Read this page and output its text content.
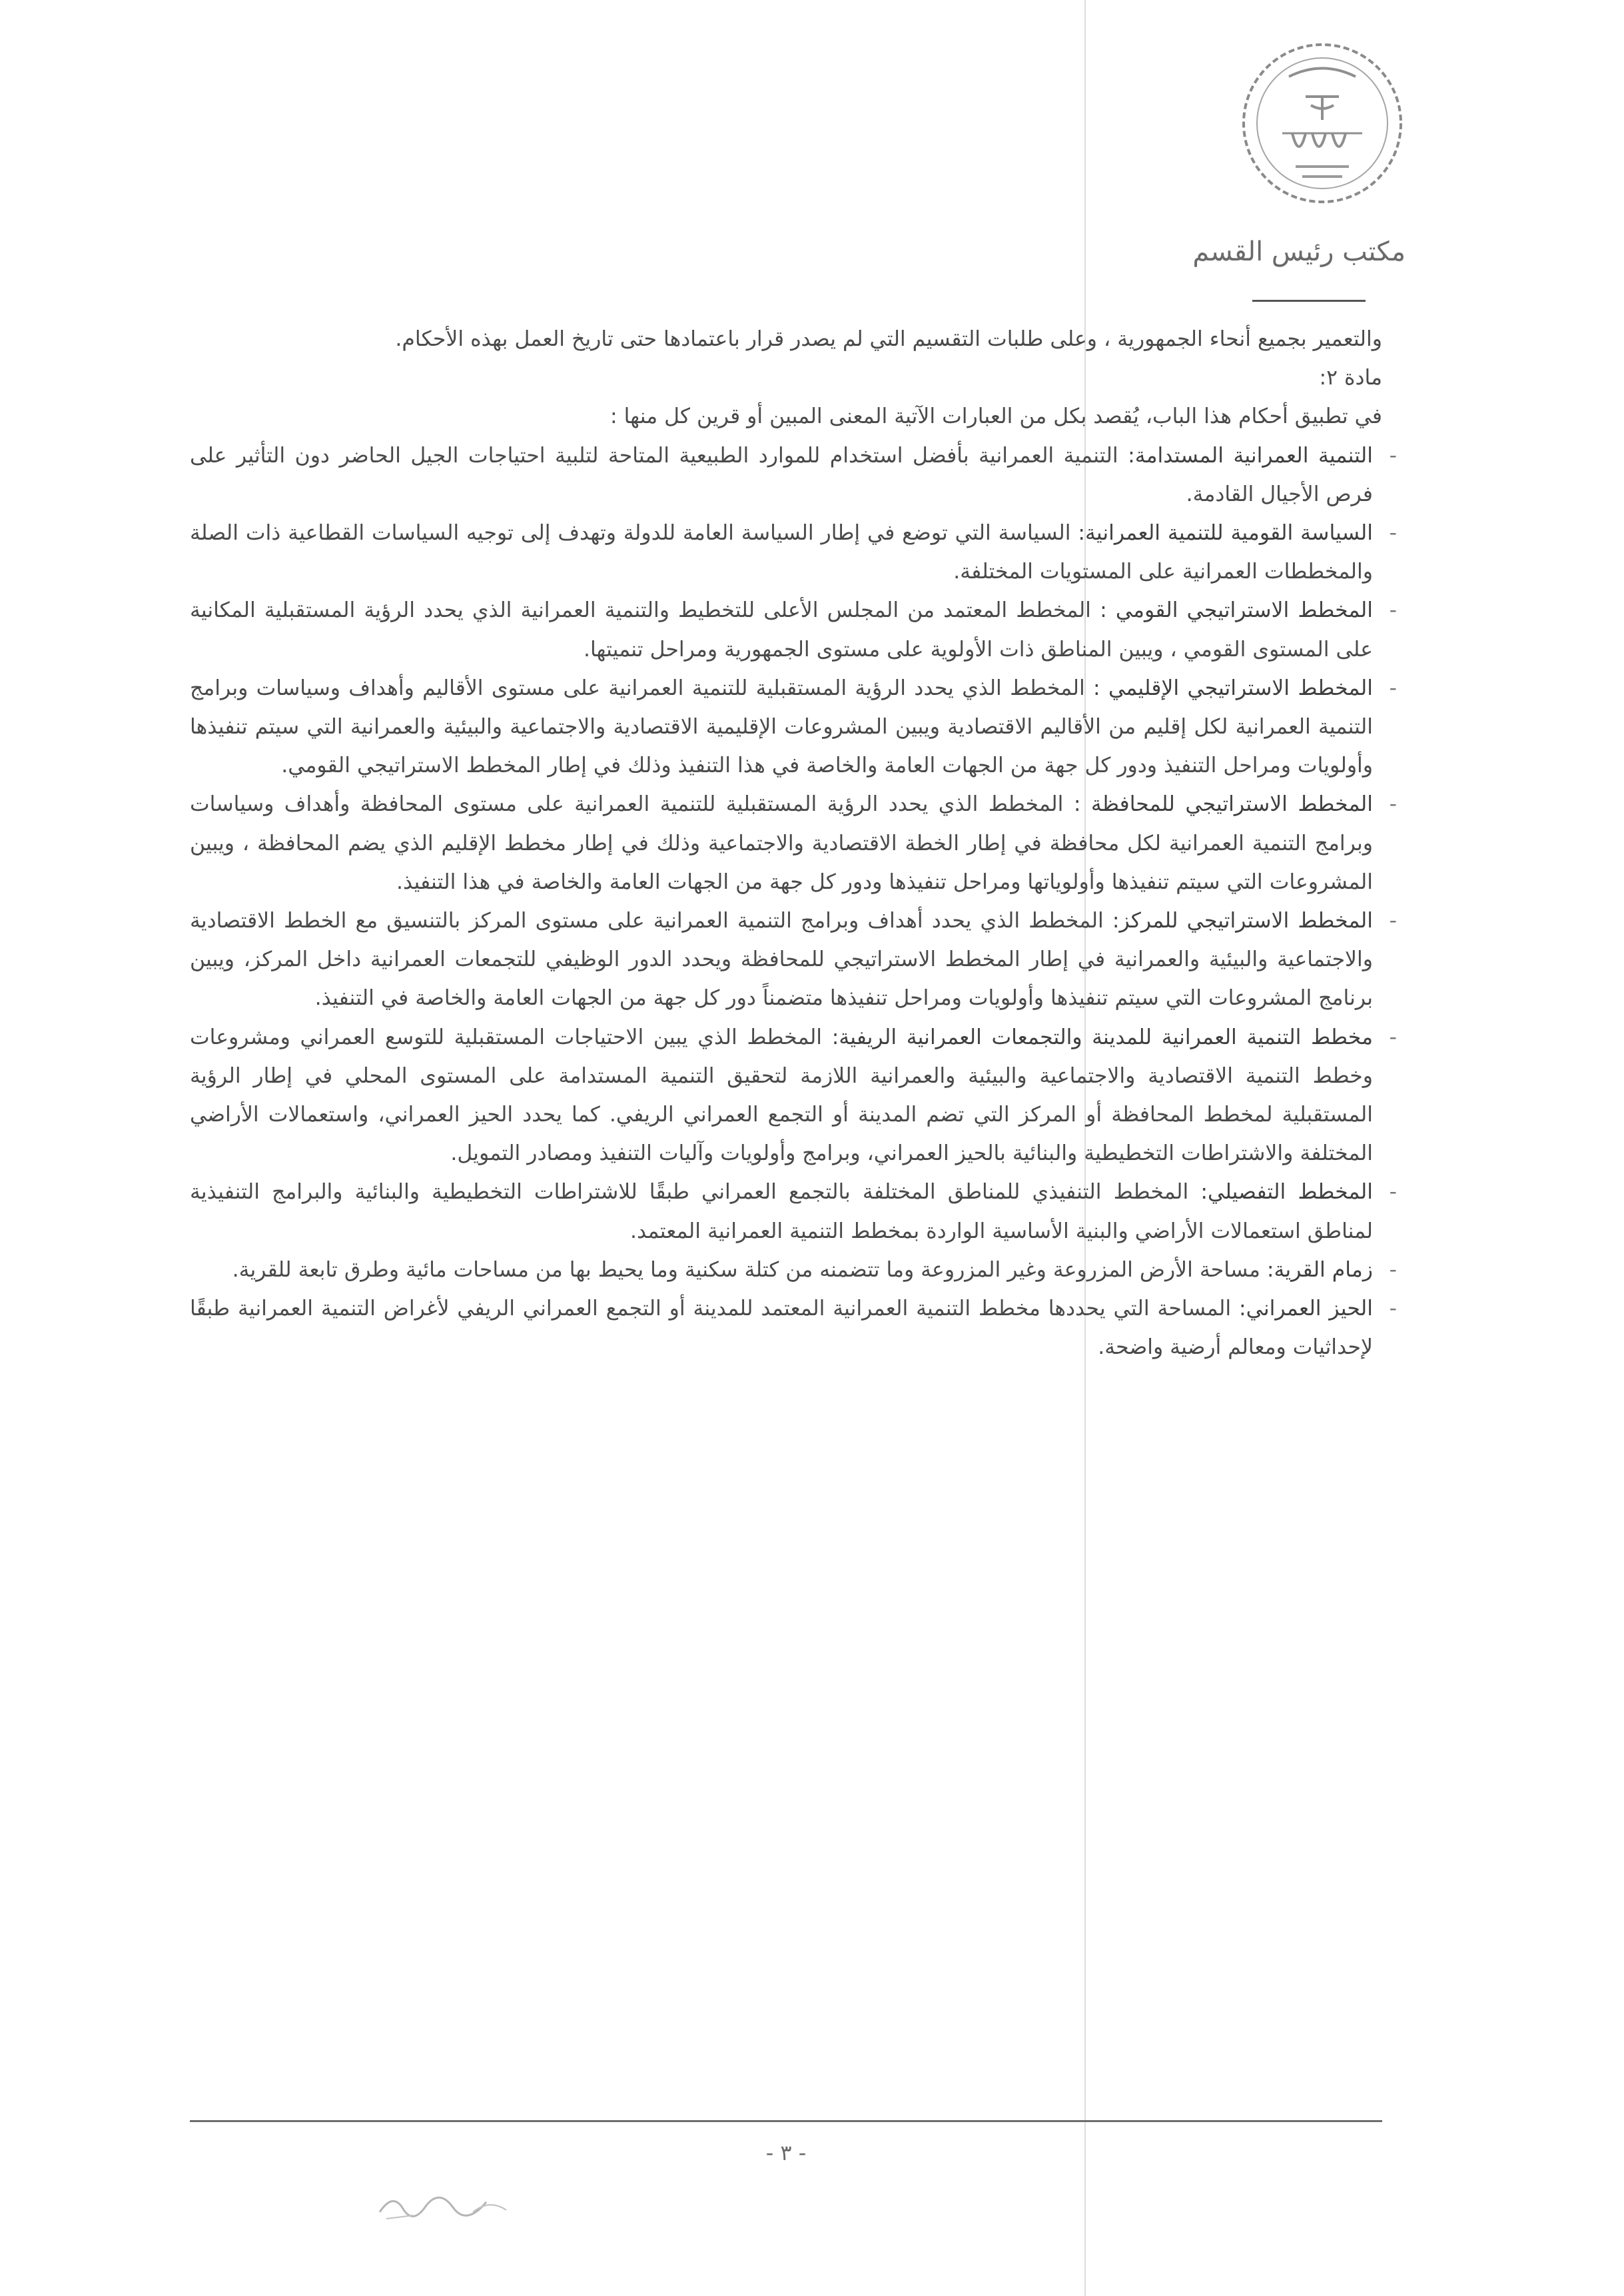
مكتب رئيس القسم

والتعمير بجميع أنحاء الجمهورية ، وعلى طلبات التقسيم التي لم يصدر قرار باعتمادها حتى تاريخ العمل بهذه الأحكام.

مادة ٢:

في تطبيق أحكام هذا الباب، يُقصد بكل من العبارات الآتية المعنى المبين أو قرين كل منها :

- التنمية العمرانية المستدامة: التنمية العمرانية بأفضل استخدام للموارد الطبيعية المتاحة لتلبية احتياجات الجيل الحاضر دون التأثير على فرص الأجيال القادمة.

- السياسة القومية للتنمية العمرانية: السياسة التي توضع في إطار السياسة العامة للدولة وتهدف إلى توجيه السياسات القطاعية ذات الصلة والمخططات العمرانية على المستويات المختلفة.

- المخطط الاستراتيجي القومي : المخطط المعتمد من المجلس الأعلى للتخطيط والتنمية العمرانية الذي يحدد الرؤية المستقبلية المكانية على المستوى القومي ، ويبين المناطق ذات الأولوية على مستوى الجمهورية ومراحل تنميتها.

- المخطط الاستراتيجي الإقليمي : المخطط الذي يحدد الرؤية المستقبلية للتنمية العمرانية على مستوى الأقاليم وأهداف وسياسات وبرامج التنمية العمرانية لكل إقليم من الأقاليم الاقتصادية ويبين المشروعات الإقليمية الاقتصادية والاجتماعية والبيئية والعمرانية التي سيتم تنفيذها وأولويات ومراحل التنفيذ ودور كل جهة من الجهات العامة والخاصة في هذا التنفيذ وذلك في إطار المخطط الاستراتيجي القومي.

- المخطط الاستراتيجي للمحافظة : المخطط الذي يحدد الرؤية المستقبلية للتنمية العمرانية على مستوى المحافظة وأهداف وسياسات وبرامج التنمية العمرانية لكل محافظة في إطار الخطة الاقتصادية والاجتماعية وذلك في إطار مخطط الإقليم الذي يضم المحافظة ، ويبين المشروعات التي سيتم تنفيذها وأولوياتها ومراحل تنفيذها ودور كل جهة من الجهات العامة والخاصة في هذا التنفيذ.

- المخطط الاستراتيجي للمركز: المخطط الذي يحدد أهداف وبرامج التنمية العمرانية على مستوى المركز بالتنسيق مع الخطط الاقتصادية والاجتماعية والبيئية والعمرانية في إطار المخطط الاستراتيجي للمحافظة ويحدد الدور الوظيفي للتجمعات العمرانية داخل المركز، ويبين برنامج المشروعات التي سيتم تنفيذها وأولويات ومراحل تنفيذها متضمناً دور كل جهة من الجهات العامة والخاصة في التنفيذ.

- مخطط التنمية العمرانية للمدينة والتجمعات العمرانية الريفية: المخطط الذي يبين الاحتياجات المستقبلية للتوسع العمراني ومشروعات وخطط التنمية الاقتصادية والاجتماعية والبيئية والعمرانية اللازمة لتحقيق التنمية المستدامة على المستوى المحلي في إطار الرؤية المستقبلية لمخطط المحافظة أو المركز التي تضم المدينة أو التجمع العمراني الريفي. كما يحدد الحيز العمراني، واستعمالات الأراضي المختلفة والاشتراطات التخطيطية والبنائية بالحيز العمراني، وبرامج وأولويات وآليات التنفيذ ومصادر التمويل.

- المخطط التفصيلي: المخطط التنفيذي للمناطق المختلفة بالتجمع العمراني طبقًا للاشتراطات التخطيطية والبنائية والبرامج التنفيذية لمناطق استعمالات الأراضي والبنية الأساسية الواردة بمخطط التنمية العمرانية المعتمد.

- زمام القرية: مساحة الأرض المزروعة وغير المزروعة وما تتضمنه من كتلة سكنية وما يحيط بها من مساحات مائية وطرق تابعة للقرية.

- الحيز العمراني: المساحة التي يحددها مخطط التنمية العمرانية المعتمد للمدينة أو التجمع العمراني الريفي لأغراض التنمية العمرانية طبقًا لإحداثيات ومعالم أرضية واضحة.

- ٣ -
